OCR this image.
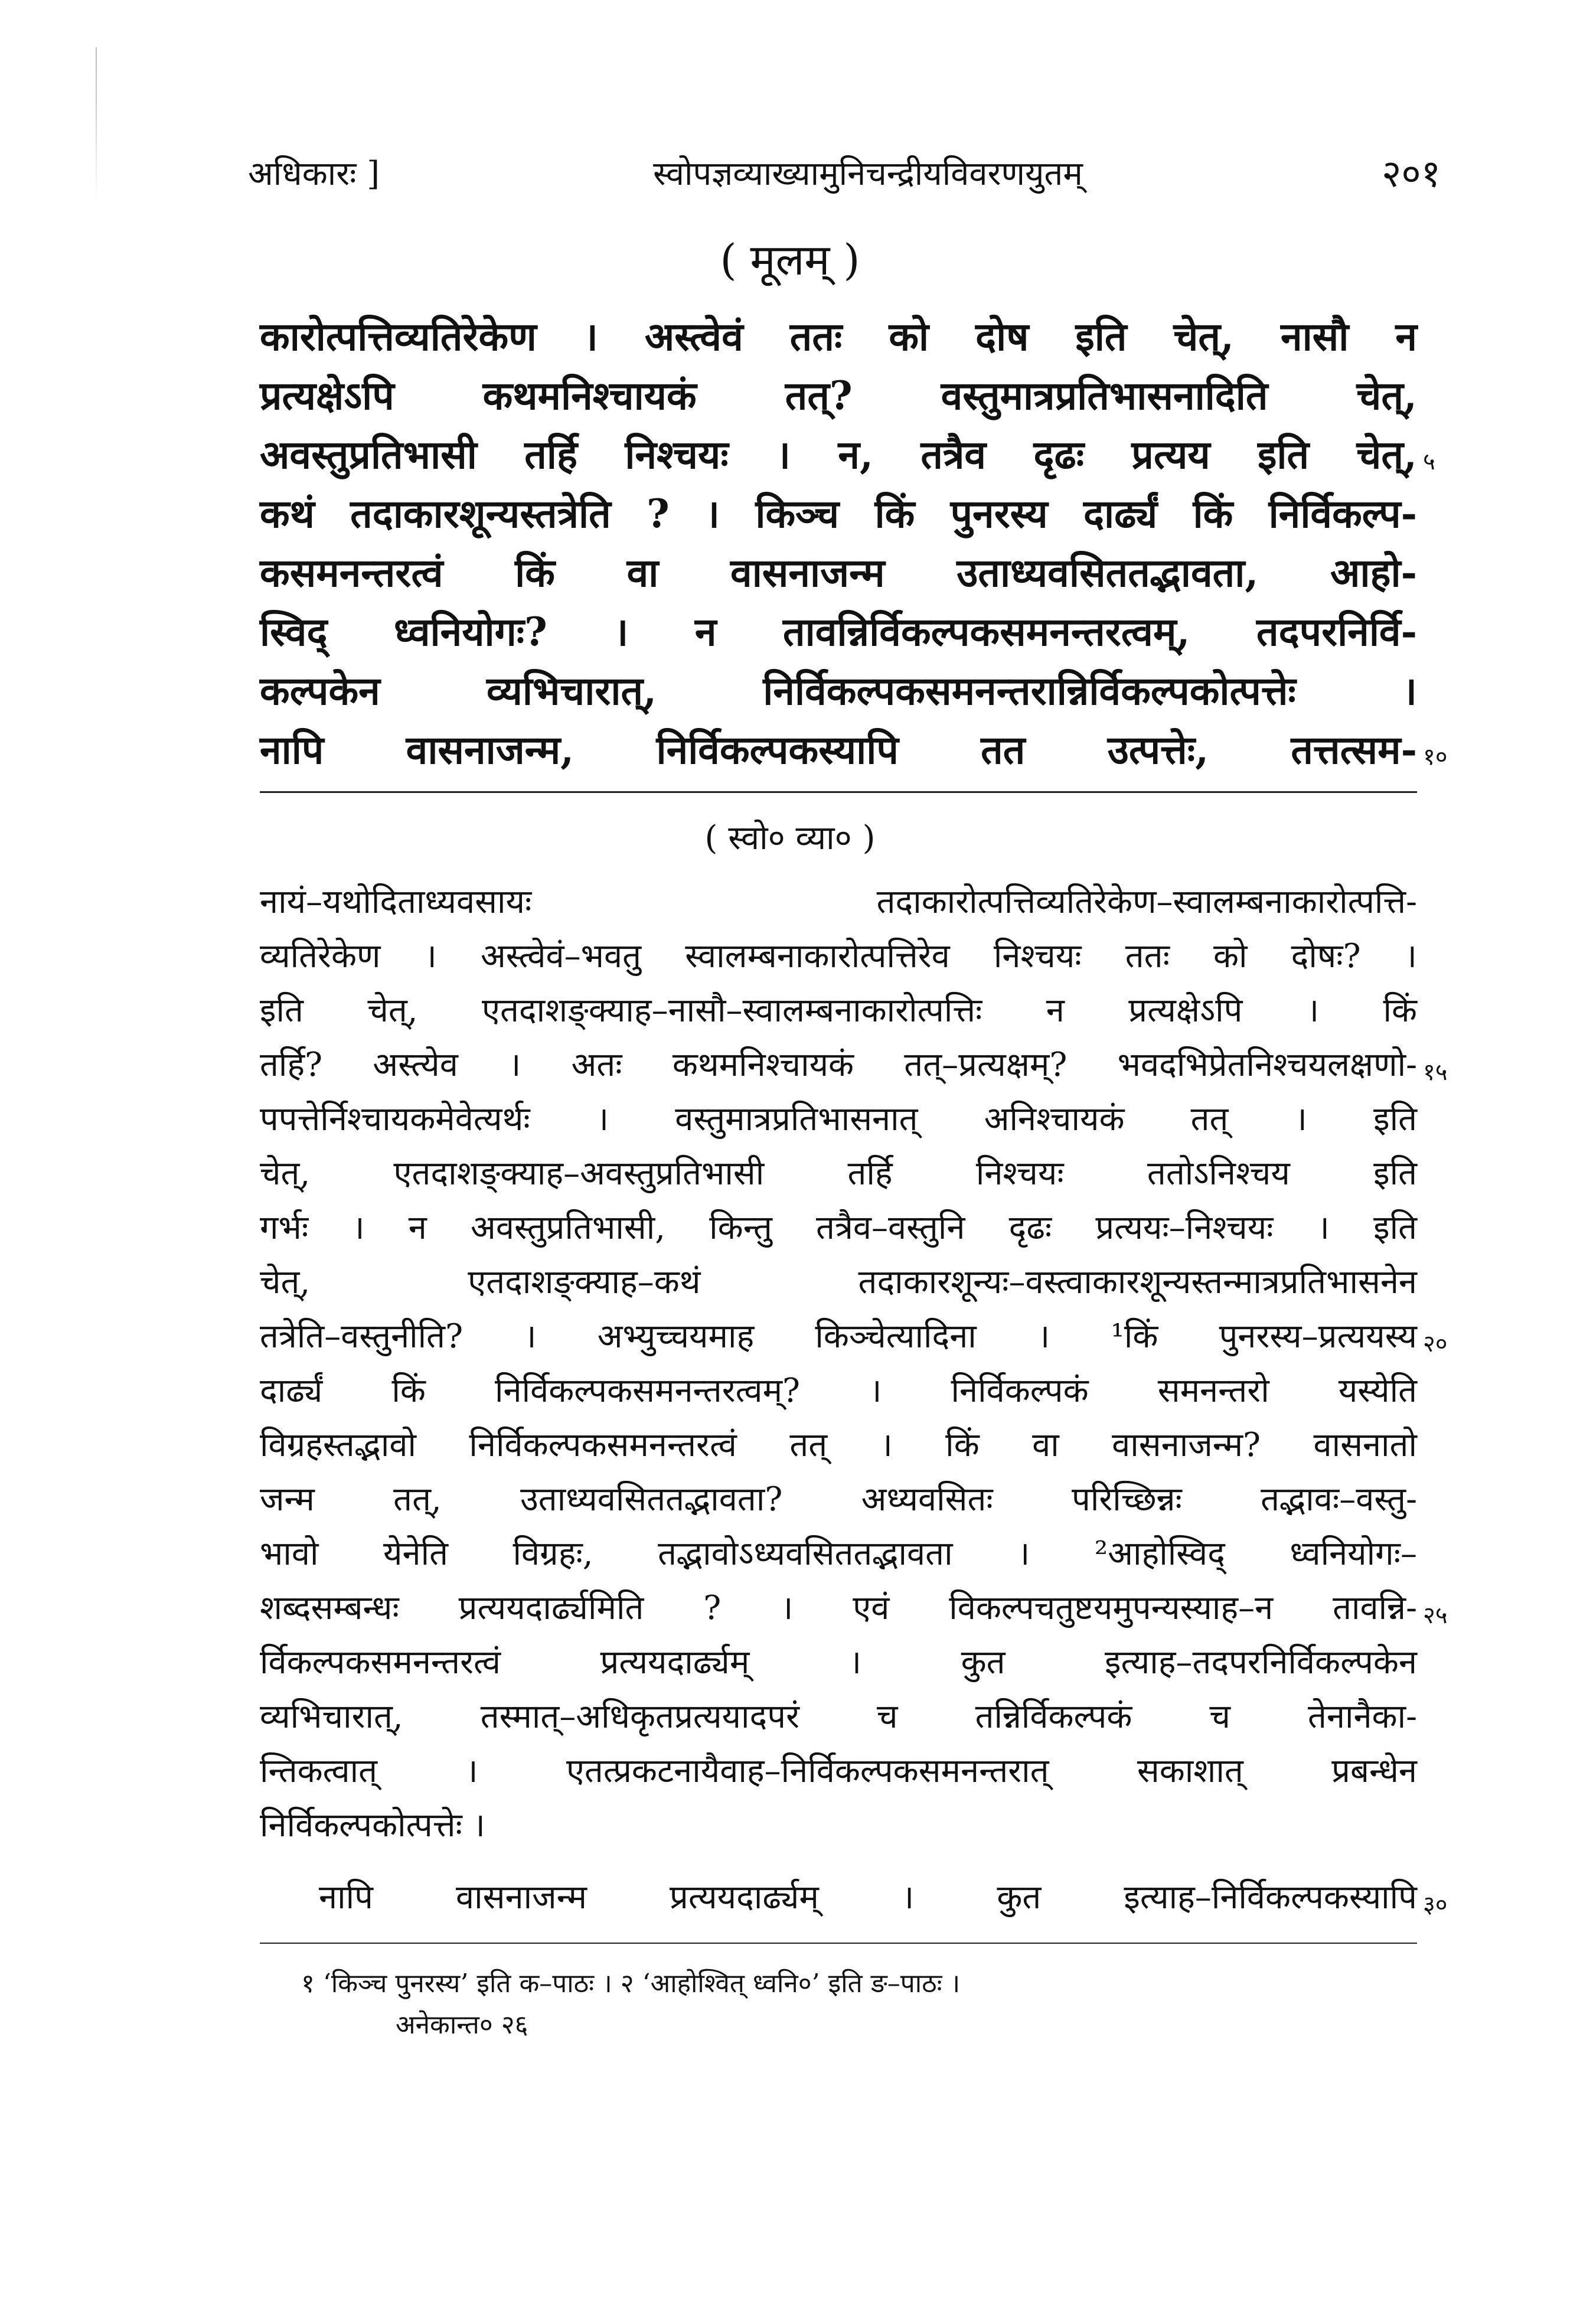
अधिकारः ]	स्वोपज्ञव्याख्यामुनिचन्द्रीयविवरणयुतम्	२०१
( मूलम् )
कारोत्पत्तिव्यतिरेकेण । अस्त्वेवं ततः को दोष इति चेत्, नासौ न
प्रत्यक्षेऽपि कथमनिश्चायकं तत्? वस्तुमात्रप्रतिभासनादिति चेत्,
अवस्तुप्रतिभासी तर्हि निश्चयः । न, तत्रैव दृढः प्रत्यय इति चेत्,
कथं तदाकारशून्यस्तत्रेति ? । किञ्च किं पुनरस्य दार्ढ्यं किं निर्विकल्प-
कसमनन्तरत्वं किं वा वासनाजन्म उताध्यवसिततद्भावता, आहो-
स्विद् ध्वनियोगः? । न तावन्निर्विकल्पकसमनन्तरत्वम्, तदपरनिर्वि-
कल्पकेन व्यभिचारात्, निर्विकल्पकसमनन्तरान्निर्विकल्पकोत्पत्तेः ।
नापि वासनाजन्म, निर्विकल्पकस्यापि तत उत्पत्तेः, तत्तत्सम-
५
१०
( स्वो० व्या० )
नायं–यथोदिताध्यवसायः तदाकारोत्पत्तिव्यतिरेकेण–स्वालम्बनाकारोत्पत्ति-
व्यतिरेकेण । अस्त्वेवं–भवतु स्वालम्बनाकारोत्पत्तिरेव निश्चयः ततः को दोषः? ।
इति चेत्, एतदाशङ्क्याह–नासौ–स्वालम्बनाकारोत्पत्तिः न प्रत्यक्षेऽपि । किं
तर्हि? अस्त्येव । अतः कथमनिश्चायकं तत्–प्रत्यक्षम्? भवदभिप्रेतनिश्चयलक्षणो-
पपत्तेर्निश्चायकमेवेत्यर्थः । वस्तुमात्रप्रतिभासनात् अनिश्चायकं तत् । इति
चेत्, एतदाशङ्क्याह–अवस्तुप्रतिभासी तर्हि निश्चयः ततोऽनिश्चय इति
गर्भः । न अवस्तुप्रतिभासी, किन्तु तत्रैव–वस्तुनि दृढः प्रत्ययः–निश्चयः । इति
चेत्, एतदाशङ्क्याह–कथं तदाकारशून्यः–वस्त्वाकारशून्यस्तन्मात्रप्रतिभासनेन
तत्रेति–वस्तुनीति? । अभ्युच्चयमाह किञ्चेत्यादिना । ¹किं पुनरस्य–प्रत्ययस्य
दार्ढ्यं किं निर्विकल्पकसमनन्तरत्वम्? । निर्विकल्पकं समनन्तरो यस्येति
विग्रहस्तद्भावो निर्विकल्पकसमनन्तरत्वं तत् । किं वा वासनाजन्म? वासनातो
जन्म तत्, उताध्यवसिततद्भावता? अध्यवसितः परिच्छिन्नः तद्भावः–वस्तु-
भावो येनेति विग्रहः, तद्भावोऽध्यवसिततद्भावता । ²आहोस्विद् ध्वनियोगः–
शब्दसम्बन्धः प्रत्ययदार्ढ्यमिति ? । एवं विकल्पचतुष्टयमुपन्यस्याह–न तावन्नि-
र्विकल्पकसमनन्तरत्वं प्रत्ययदार्ढ्यम् । कुत इत्याह–तदपरनिर्विकल्पकेन
व्यभिचारात्, तस्मात्–अधिकृतप्रत्ययादपरं च तन्निर्विकल्पकं च तेनानैका-
न्तिकत्वात् । एतत्प्रकटनायैवाह–निर्विकल्पकसमनन्तरात् सकाशात् प्रबन्धेन
निर्विकल्पकोत्पत्तेः ।
नापि वासनाजन्म प्रत्ययदार्ढ्यम् । कुत इत्याह–निर्विकल्पकस्यापि
१५
२०
२५
३०
१ ‘किञ्च पुनरस्य’ इति क–पाठः । २ ‘आहोश्वित् ध्वनि०’ इति ङ–पाठः ।
अनेकान्त० २६
